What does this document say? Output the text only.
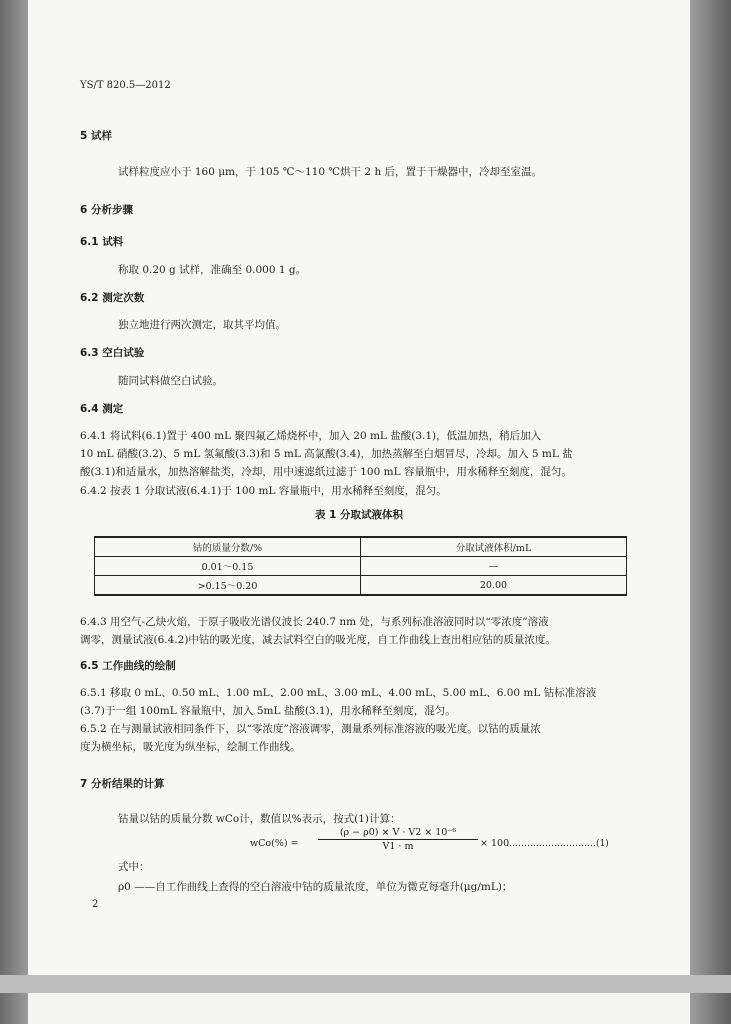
YS/T 820.5—2012
5 试样
试样粒度应小于 160 μm，于 105 ℃～110 ℃烘干 2 h 后，置于干燥器中，冷却至室温。
6 分析步骤
6.1 试料
称取 0.20 g 试样，准确至 0.000 1 g。
6.2 测定次数
独立地进行两次测定，取其平均值。
6.3 空白试验
随同试料做空白试验。
6.4 测定
6.4.1 将试料(6.1)置于 400 mL 聚四氟乙烯烧杯中，加入 20 mL 盐酸(3.1)，低温加热，稍后加入
10 mL 硝酸(3.2)、5 mL 氢氟酸(3.3)和 5 mL 高氯酸(3.4)，加热蒸解至白烟冒尽，冷却。加入 5 mL 盐
酸(3.1)和适量水，加热溶解盐类，冷却，用中速滤纸过滤于 100 mL 容量瓶中，用水稀释至刻度，混匀。
6.4.2 按表 1 分取试液(6.4.1)于 100 mL 容量瓶中，用水稀释至刻度，混匀。
表 1 分取试液体积
钴的质量分数/%	分取试液体积/mL
0.01～0.15	—
>0.15～0.20	20.00
6.4.3 用空气-乙炔火焰，于原子吸收光谱仪波长 240.7 nm 处，与系列标准溶液同时以“零浓度”溶液
调零，测量试液(6.4.2)中钴的吸光度，减去试料空白的吸光度，自工作曲线上查出相应钴的质量浓度。
6.5 工作曲线的绘制
6.5.1 移取 0 mL、0.50 mL、1.00 mL、2.00 mL、3.00 mL、4.00 mL、5.00 mL、6.00 mL 钴标准溶液
(3.7)于一组 100mL 容量瓶中，加入 5mL 盐酸(3.1)，用水稀释至刻度，混匀。
6.5.2 在与测量试液相同条件下，以“零浓度”溶液调零，测量系列标准溶液的吸光度。以钴的质量浓
度为横坐标，吸光度为纵坐标，绘制工作曲线。
7 分析结果的计算
钴量以钴的质量分数 wCo计，数值以%表示，按式(1)计算：
$wCo(\%) = \frac{\text{(ρ − ρ0) × V · V2 × 10⁻⁶}}{V1 \cdot m} \times 100$
…………………………(1)
式中：
ρ0 ——自工作曲线上查得的空白溶液中钴的质量浓度，单位为微克每毫升(μg/mL)；
2
